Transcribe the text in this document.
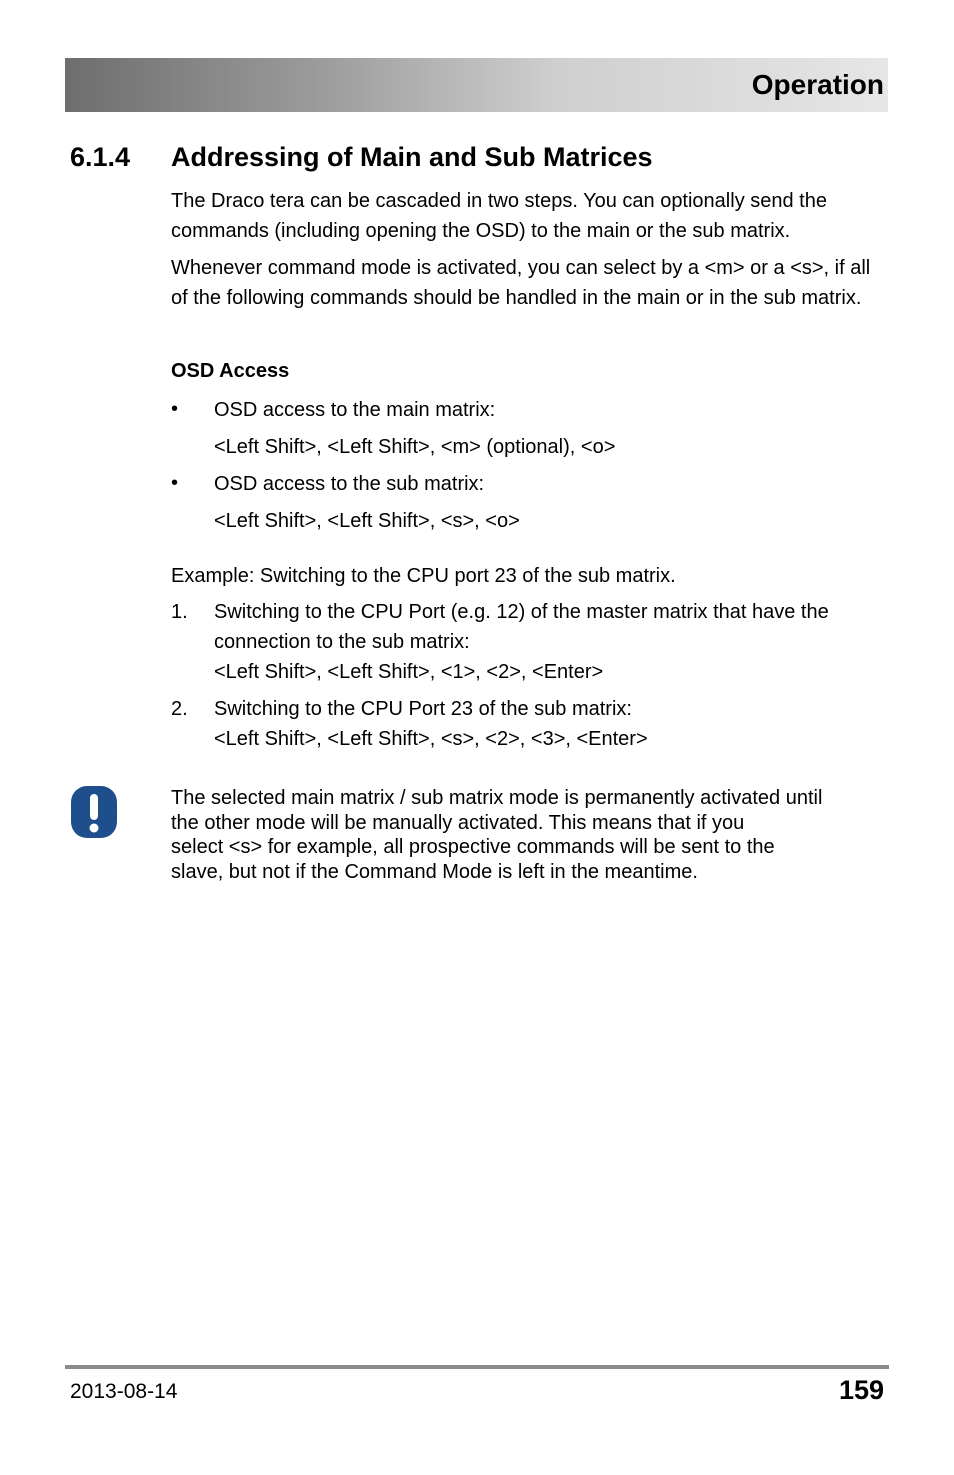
Operation
6.1.4 Addressing of Main and Sub Matrices
The Draco tera can be cascaded in two steps. You can optionally send the commands (including opening the OSD) to the main or the sub matrix.
Whenever command mode is activated, you can select by a <m> or a <s>, if all of the following commands should be handled in the main or in the sub matrix.
OSD Access
• OSD access to the main matrix:
<Left Shift>, <Left Shift>, <m> (optional), <o>
• OSD access to the sub matrix:
<Left Shift>, <Left Shift>, <s>, <o>
Example: Switching to the CPU port 23 of the sub matrix.
1. Switching to the CPU Port (e.g. 12) of the master matrix that have the
connection to the sub matrix:
<Left Shift>, <Left Shift>, <1>, <2>, <Enter>
2. Switching to the CPU Port 23 of the sub matrix:
<Left Shift>, <Left Shift>, <s>, <2>, <3>, <Enter>
The selected main matrix / sub matrix mode is permanently activated until
the other mode will be manually activated. This means that if you
select <s> for example, all prospective commands will be sent to the
slave, but not if the Command Mode is left in the meantime.
2013-08-14	159
